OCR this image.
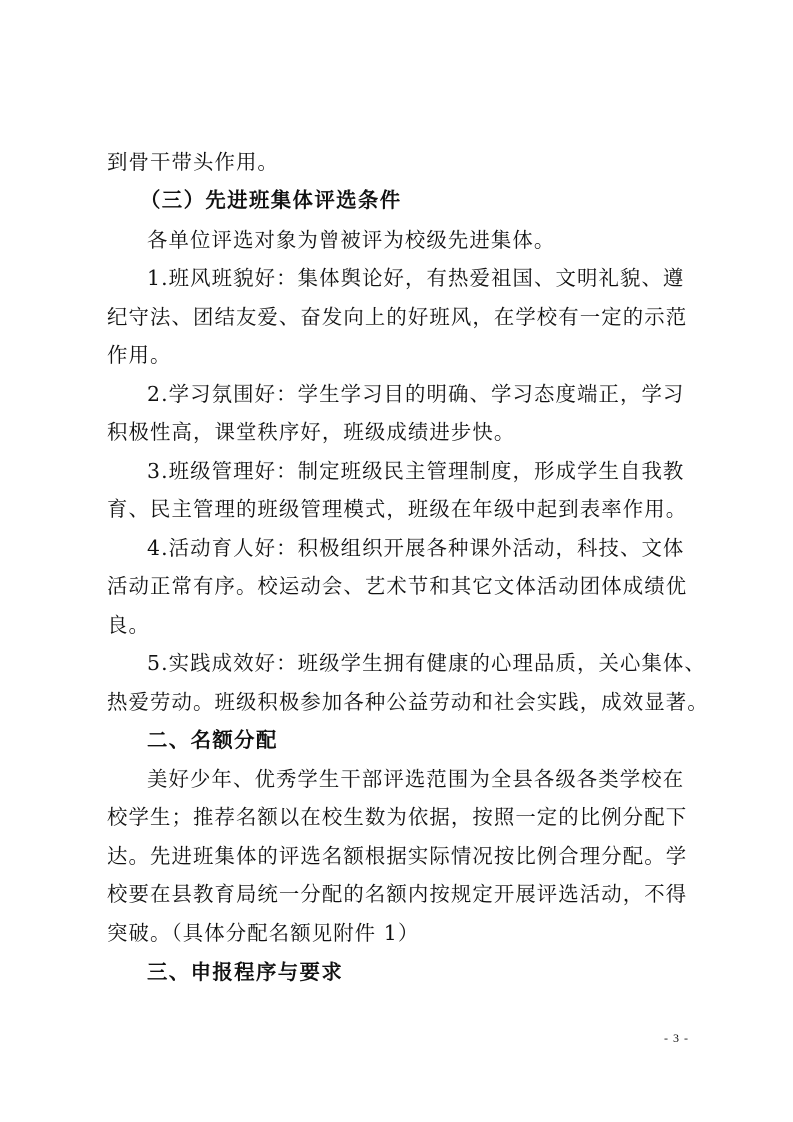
到骨干带头作用。

（三）先进班集体评选条件

各单位评选对象为曾被评为校级先进集体。

1.班风班貌好：集体舆论好，有热爱祖国、文明礼貌、遵

纪守法、团结友爱、奋发向上的好班风，在学校有一定的示范

作用。

2.学习氛围好：学生学习目的明确、学习态度端正，学习

积极性高，课堂秩序好，班级成绩进步快。

3.班级管理好：制定班级民主管理制度，形成学生自我教

育、民主管理的班级管理模式，班级在年级中起到表率作用。

4.活动育人好：积极组织开展各种课外活动，科技、文体

活动正常有序。校运动会、艺术节和其它文体活动团体成绩优

良。

5.实践成效好：班级学生拥有健康的心理品质，关心集体、

热爱劳动。班级积极参加各种公益劳动和社会实践，成效显著。

二、名额分配

美好少年、优秀学生干部评选范围为全县各级各类学校在

校学生；推荐名额以在校生数为依据，按照一定的比例分配下

达。先进班集体的评选名额根据实际情况按比例合理分配。学

校要在县教育局统一分配的名额内按规定开展评选活动，不得

突破。（具体分配名额见附件 1）

三、申报程序与要求

- 3 -
